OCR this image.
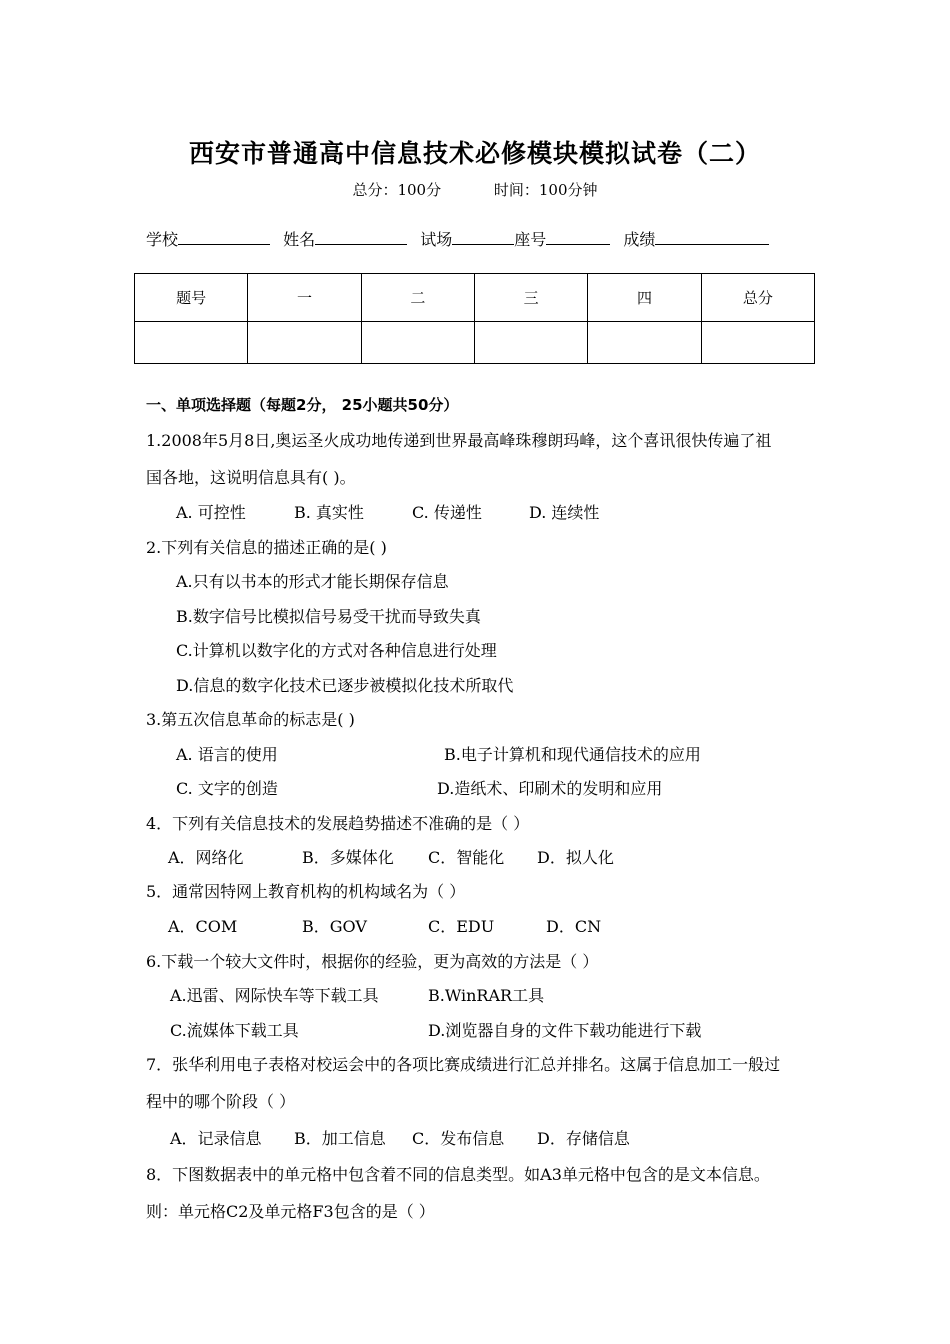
西安市普通高中信息技术必修模块模拟试卷（二）
总分：100分	时间：100分钟
学校	姓名	试场	座号	成绩
题号	一	二	三	四	总分

一、单项选择题（每题2分， 25小题共50分）
1.2008年5月8日,奥运圣火成功地传递到世界最高峰珠穆朗玛峰，这个喜讯很快传遍了祖
国各地，这说明信息具有( )。
A. 可控性	B. 真实性	C. 传递性	D. 连续性
2.下列有关信息的描述正确的是( )
A.只有以书本的形式才能长期保存信息
B.数字信号比模拟信号易受干扰而导致失真
C.计算机以数字化的方式对各种信息进行处理
D.信息的数字化技术已逐步被模拟化技术所取代
3.第五次信息革命的标志是( )
A. 语言的使用	B.电子计算机和现代通信技术的应用
C. 文字的创造	D.造纸术、印刷术的发明和应用
4．下列有关信息技术的发展趋势描述不准确的是（ ）
A．网络化	B．多媒体化 C．智能化 D．拟人化
5．通常因特网上教育机构的机构域名为（ ）
A．COM	B．GOV	C．EDU	D．CN
6.下载一个较大文件时，根据你的经验，更为高效的方法是（ ）
A.迅雷、网际快车等下载工具	B.WinRAR工具
C.流媒体下载工具	D.浏览器自身的文件下载功能进行下载
7．张华利用电子表格对校运会中的各项比赛成绩进行汇总并排名。这属于信息加工一般过
程中的哪个阶段（ ）
A．记录信息 B．加工信息 C．发布信息 D．存储信息
8．下图数据表中的单元格中包含着不同的信息类型。如A3单元格中包含的是文本信息。
则：单元格C2及单元格F3包含的是（ ）
